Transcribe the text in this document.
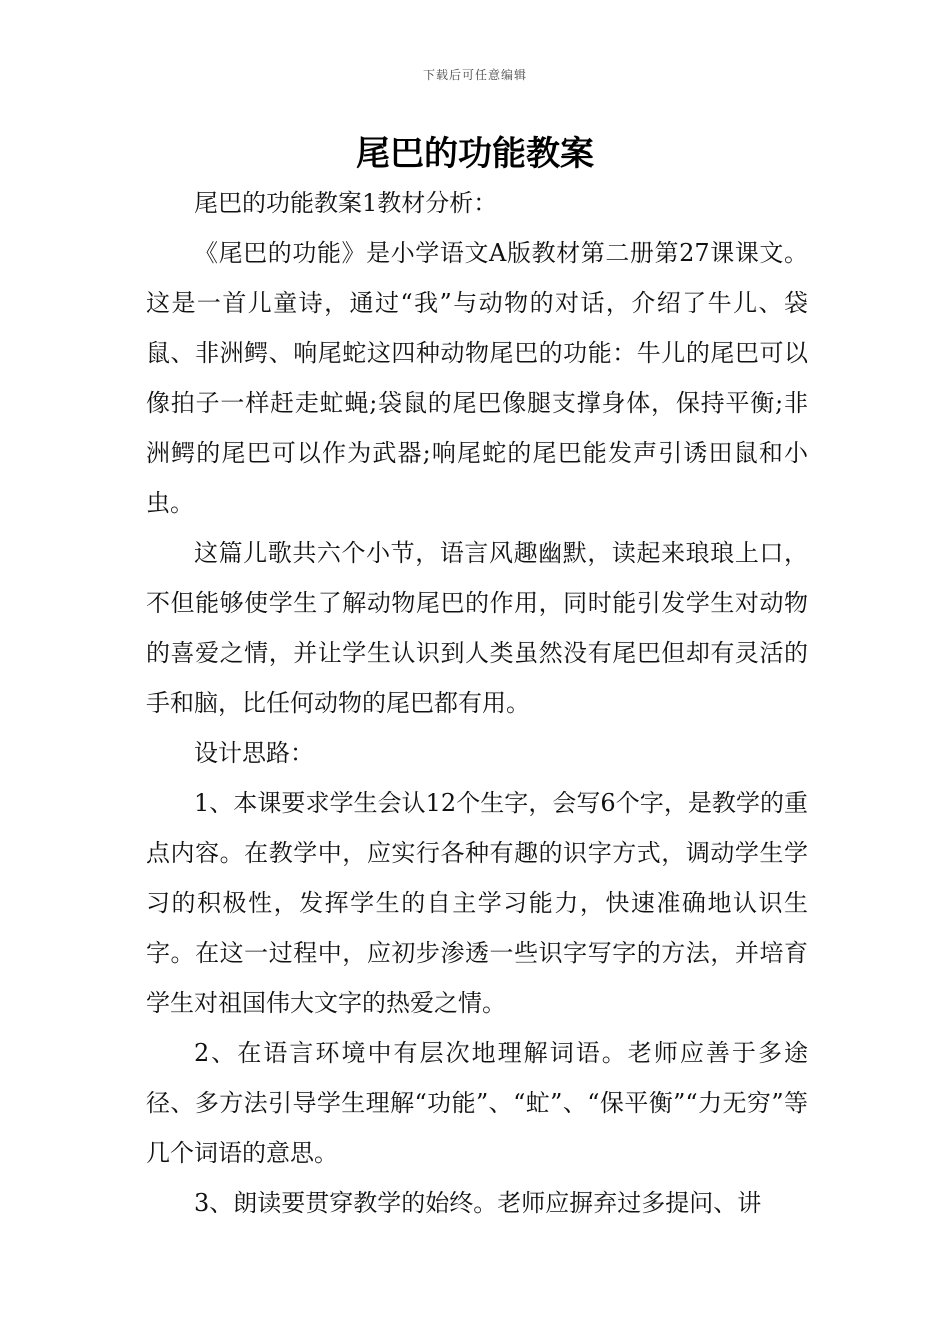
下载后可任意编辑
尾巴的功能教案

尾巴的功能教案1教材分析：

《尾巴的功能》是小学语文A版教材第二册第27课课文。这是一首儿童诗，通过“我”与动物的对话，介绍了牛儿、袋鼠、非洲鳄、响尾蛇这四种动物尾巴的功能：牛儿的尾巴可以像拍子一样赶走虻蝇;袋鼠的尾巴像腿支撑身体，保持平衡;非洲鳄的尾巴可以作为武器;响尾蛇的尾巴能发声引诱田鼠和小虫。

这篇儿歌共六个小节，语言风趣幽默，读起来琅琅上口，不但能够使学生了解动物尾巴的作用，同时能引发学生对动物的喜爱之情，并让学生认识到人类虽然没有尾巴但却有灵活的手和脑，比任何动物的尾巴都有用。

设计思路：

1、本课要求学生会认12个生字，会写6个字，是教学的重点内容。在教学中，应实行各种有趣的识字方式，调动学生学习的积极性，发挥学生的自主学习能力，快速准确地认识生字。在这一过程中，应初步渗透一些识字写字的方法，并培育学生对祖国伟大文字的热爱之情。

2、在语言环境中有层次地理解词语。老师应善于多途径、多方法引导学生理解“功能”、“虻”、“保平衡”“力无穷”等几个词语的意思。

3、朗读要贯穿教学的始终。老师应摒弃过多提问、讲
